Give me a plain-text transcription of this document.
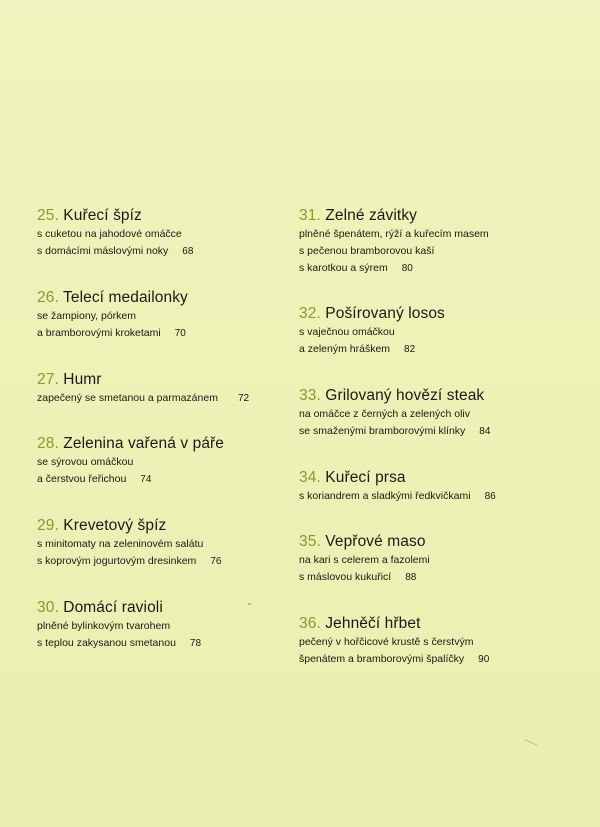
25. Kuřecí špíz
s cuketou na jahodové omáčce
s domácími máslovými noky 68
26. Telecí medailonky
se žampiony, pórkem
a bramborovými kroketami 70
27. Humr
zapečený se smetanou a parmazánem 72
28. Zelenina vařená v páře
se sýrovou omáčkou
a čerstvou řeřichou 74
29. Krevetový špíz
s minitomaty na zeleninovém salátu
s koprovým jogurtovým dresinkem 76
30. Domácí ravioli
plněné bylinkovým tvarohem
s teplou zakysanou smetanou 78
31. Zelné závitky
plněné špenátem, rýží a kuřecím masem
s pečenou bramborovou kaší
s karotkou a sýrem 80
32. Pošírovaný losos
s vaječnou omáčkou
a zeleným hráškem 82
33. Grilovaný hovězí steak
na omáčce z černých a zelených oliv
se smaženými bramborovými klínky 84
34. Kuřecí prsa
s koriandrem a sladkými ředkvičkami 86
35. Vepřové maso
na kari s celerem a fazolemi
s máslovou kukuřicí 88
36. Jehněčí hřbet
pečený v hořčicové krustě s čerstvým
špenátem a bramborovými špalíčky 90
